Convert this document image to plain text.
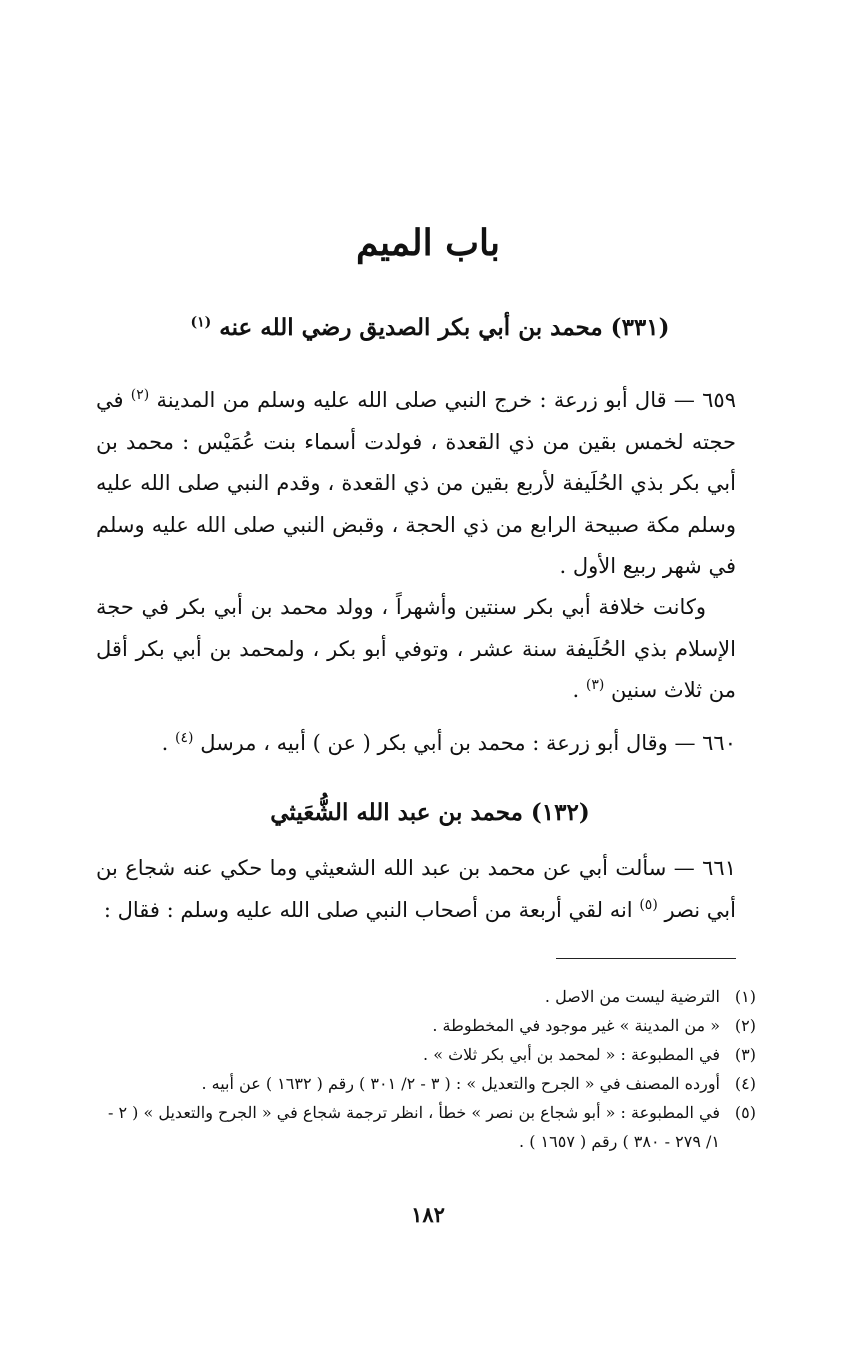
باب الميم
(٣٣١) محمد بن أبي بكر الصديق رضي الله عنه $^{(١)}$
٦٥٩ — قال أبو زرعة : خرج النبي صلى الله عليه وسلم من المدينة $^{(٢)}$ في حجته لخمس بقين من ذي القعدة ، فولدت أسماء بنت عُمَيْس : محمد بن أبي بكر بذي الحُلَيفة لأربع بقين من ذي القعدة ، وقدم النبي صلى الله عليه وسلم مكة صبيحة الرابع من ذي الحجة ، وقبض النبي صلى الله عليه وسلم في شهر ربيع الأول .
وكانت خلافة أبي بكر سنتين وأشهراً ، وولد محمد بن أبي بكر في حجة الإسلام بذي الحُلَيفة سنة عشر ، وتوفي أبو بكر ، ولمحمد بن أبي بكر أقل من ثلاث سنين $^{(٣)}$ .
٦٦٠ — وقال أبو زرعة : محمد بن أبي بكر ( عن ) أبيه ، مرسل $^{(٤)}$ .
(١٣٢) محمد بن عبد الله الشُّعَيثي
٦٦١ — سألت أبي عن محمد بن عبد الله الشعيثي وما حكي عنه شجاع بن أبي نصر $^{(٥)}$ انه لقي أربعة من أصحاب النبي صلى الله عليه وسلم : فقال :
(١)
الترضية ليست من الاصل .
(٢)
« من المدينة » غير موجود في المخطوطة .
(٣)
في المطبوعة : « لمحمد بن أبي بكر ثلاث » .
(٤)
أورده المصنف في « الجرح والتعديل » : ( ٣ - ٢/ ٣٠١ ) رقم ( ١٦٣٢ ) عن أبيه .
(٥)
في المطبوعة : « أبو شجاع بن نصر » خطأ ، انظر ترجمة شجاع في « الجرح والتعديل » ( ٢ - ١/ ٢٧٩ - ٣٨٠ ) رقم ( ١٦٥٧ ) .
١٨٢
